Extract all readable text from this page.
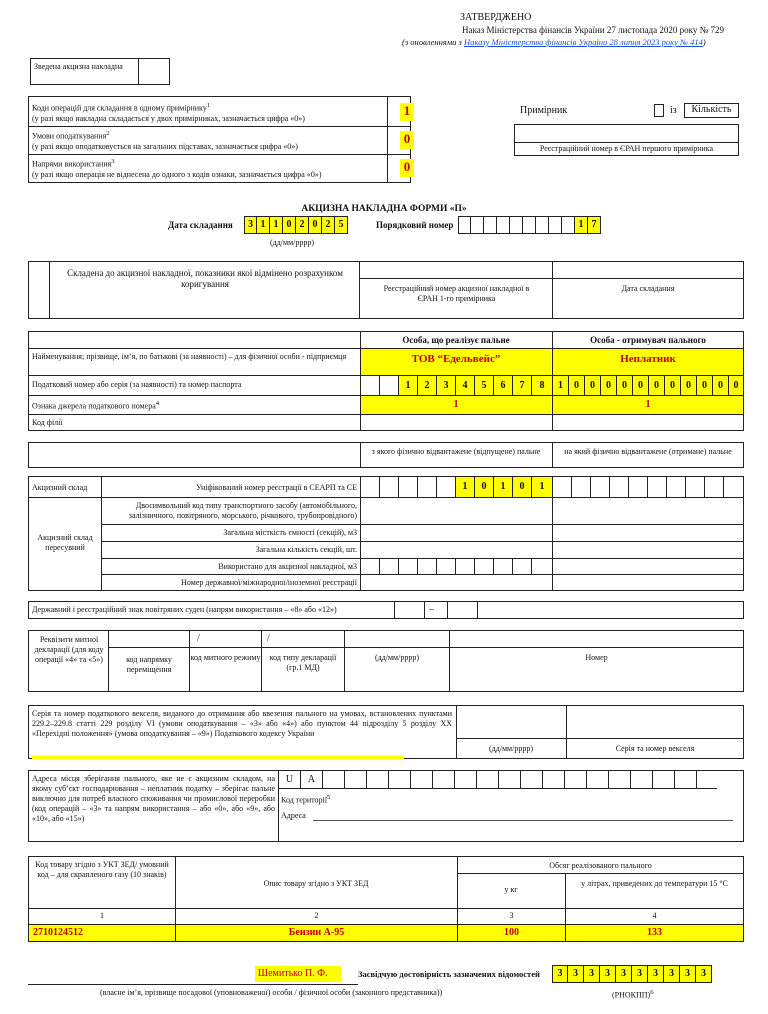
ЗАТВЕРДЖЕНО
Наказ Міністерства фінансів України 27 листопада 2020 року № 729
(з оновленнями з Наказу Міністерства фінансів України 28 липня 2023 року № 414)
Зведена акцизна накладна
Коди операцій для складання в одному примірнику$^1$
(у разі якщо накладна складається у двох примірниках, зазначається цифра «0»)
Умови оподаткування$^2$
(у разі якщо оподатковується на загальних підставах, зазначається цифра «0»)
Напрями використання$^3$
(у разі якщо операція не віднесена до одного з кодів ознаки, зазначається цифра «0»)
1
0
0
Примірник	із	Кількість
Реєстраційний номер в ЄРАН першого примірника
АКЦИЗНА НАКЛАДНА ФОРМИ «П»
Дата складання	3 1 1 0 2 0 2 5
(дд/мм/рррр)
Порядковий номер	1 7
Складена до акцизної накладної, показники якої відмінено розрахунком коригування	Реєстраційний номер акцизної накладної в ЄРАН 1-го примірника
Дата складання
Особа, що реалізує пальне	Особа - отримувач пального
Найменування; прізвище, ім’я, по батькові (за наявності) – для фізичної особи - підприємця	ТОВ “Едельвейс”	Неплатник
Податковий номер або серія (за наявності) та номер паспорта	1	2	3	4	5	6	7	8	1	0	0	0	0	0	0	0	0	0	0	0
Ознака джерела податкового номера$^4$	1	1
Код філії
з якого фізично відвантажене (відпущене) пальне	на який фізично відвантажене (отримане) пальне
Акцизний склад	Уніфікований номер реєстрації в СЕАРП та СЕ	1	0	1	0	1
Акцизний склад пересувний
Двосимвольний код типу транспортного засобу (автомобільного, залізничного, повітряного, морського, річкового, трубопровідного)
Загальна місткість ємності (секцій), м3
Загальна кількість секцій, шт.
Використано для акцизної накладної, м3
Номер державної/міжнародної/іноземної реєстрації
Державний і реєстраційний знак повітряних суден (напрям використання – «8» або «12»)	–
Реквізити митної декларації (для коду операції «4» та «5»)
/	/
код напрямку переміщення
код митного режиму	код типу декларації (гр.1 МД)
(дд/мм/рррр)	Номер
Серія та номер податкового векселя, виданого до отримання або ввезення пального на умовах, встановлених пунктами 229.2–229.8 статті 229 розділу VI (умови оподаткування – «3» або «4») або пунктом 44 підрозділу 5 розділу XX «Перехідні положення» (умова оподаткування – «9») Податкового кодексу України
(дд/мм/рррр)	Серія та номер векселя
Адреса місця зберігання пального, яке не є акцизним складом, на якому суб’єкт господарювання – неплатник податку – зберігає пальне виключно для потреб власного споживання чи промислової переробки (код операцій – «3» та напрям використання – або «0», або «9», або «10», або «15»)
U	A
Код території$^5$
Адреса
Код товару згідно з УКТ ЗЕД/ умовний код – для скрапленого газу (10 знаків)
Опис товару згідно з УКТ ЗЕД
Обсяг реалізованого пального
у кг
у літрах, приведених до температури 15 °С
1	2	3	4
2710124512	Бензин А-95	100	133
Шемитько П. Ф.	Засвідчую достовірність зазначених відомостей	3	3	3	3	3	3	3	3	3	3
(власне ім’я, прізвище посадової (уповноваженої) особи / фізичної особи (законного представника))	(РНОКПП)$^6$
